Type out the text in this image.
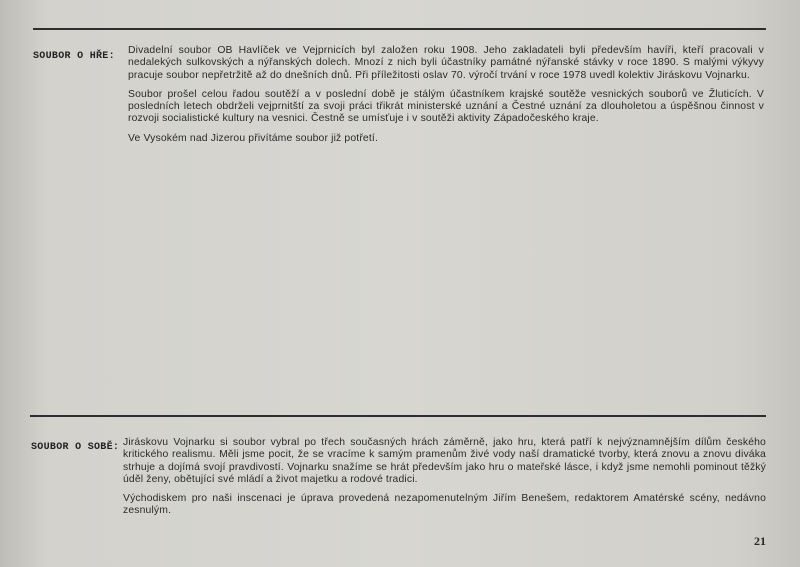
SOUBOR O HŘE:

Divadelní soubor OB Havlíček ve Vejprnicích byl založen roku 1908. Jeho zakladateli byli především havíři, kteří pracovali v nedalekých sulkovských a nýřanských dolech. Mnozí z nich byli účastníky památné nýřanské stávky v roce 1890. S malými výkyvy pracuje soubor nepřetržitě až do dnešních dnů. Při příležitosti oslav 70. výročí trvání v roce 1978 uvedl kolektiv Jiráskovu Vojnarku.

Soubor prošel celou řadou soutěží a v poslední době je stálým účastníkem krajské soutěže vesnických souborů ve Žluticích. V posledních letech obdrželi vejprnitští za svoji práci třikrát ministerské uznání a Čestné uznání za dlouholetou a úspěšnou činnost v rozvoji socialistické kultury na vesnici. Čestně se umísťuje i v soutěži aktivity Západočeského kraje.

Ve Vysokém nad Jizerou přivítáme soubor již potřetí.

SOUBOR O SOBĚ: Jiráskovu Vojnarku si soubor vybral po třech současných hrách záměrně, jako hru, která patří k nejvýznamnějším dílům českého kritického realismu. Měli jsme pocit, že se vracíme k samým pramenům živé vody naší dramatické tvorby, která znovu a znovu diváka strhuje a dojímá svojí pravdivostí. Vojnarku snažíme se hrát především jako hru o mateřské lásce, i když jsme nemohli pominout těžký úděl ženy, obětující své mládí a život majetku a rodové tradici.

Východiskem pro naši inscenaci je úprava provedená nezapomenutelným Jiřím Benešem, redaktorem Amatérské scény, nedávno zesnulým.

21
